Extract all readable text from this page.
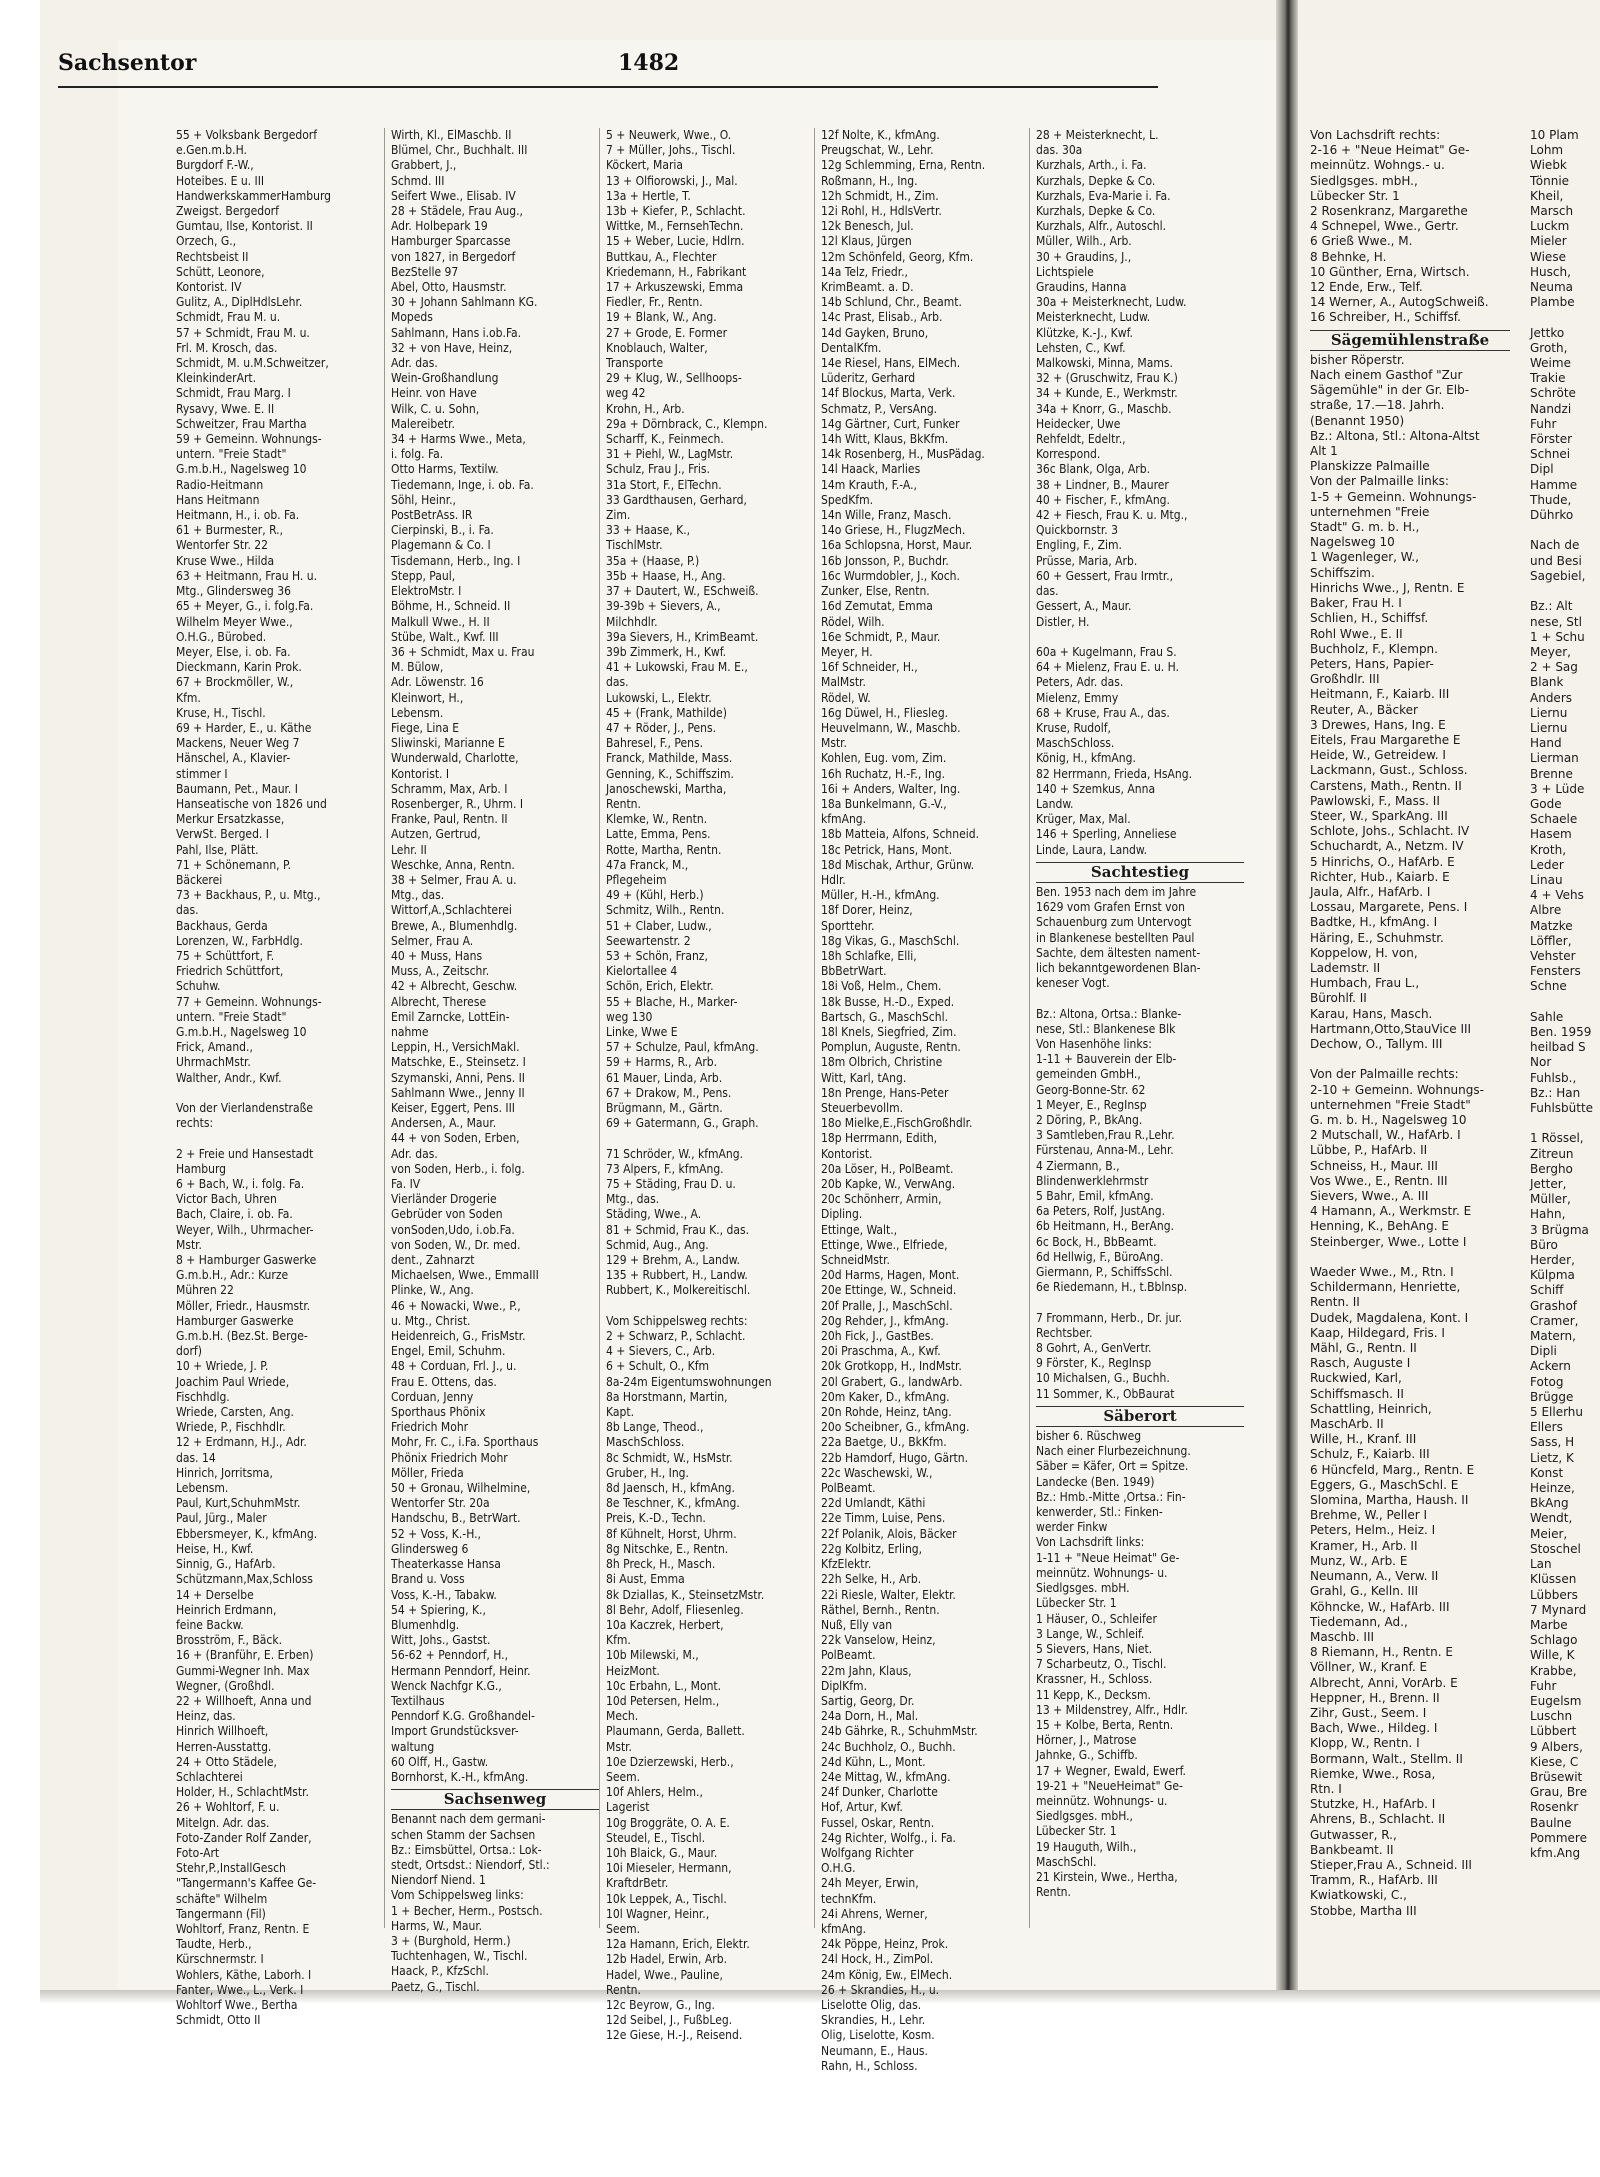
Sachsentor	1482
55 + Volksbank Bergedorf
e.Gen.m.b.H.
Burgdorf F.-W.,
Hoteibes. E u. III
HandwerkskammerHamburg
Zweigst. Bergedorf
Gumtau, Ilse, Kontorist. II
Orzech, G.,
Rechtsbeist II
Schütt, Leonore,
Kontorist. IV
Gulitz, A., DiplHdlsLehr.
Schmidt, Frau M. u.
57 + Schmidt, Frau M. u.
Frl. M. Krosch, das.
Schmidt, M. u.M.Schweitzer,
KleinkinderArt.
Schmidt, Frau Marg. I
Rysavy, Wwe. E. II
Schweitzer, Frau Martha
59 + Gemeinn. Wohnungs-
untern. "Freie Stadt"
G.m.b.H., Nagelsweg 10
Radio-Heitmann
Hans Heitmann
Heitmann, H., i. ob. Fa.
61 + Burmester, R.,
Wentorfer Str. 22
Kruse Wwe., Hilda
63 + Heitmann, Frau H. u.
Mtg., Glindersweg 36
65 + Meyer, G., i. folg.Fa.
Wilhelm Meyer Wwe.,
O.H.G., Bürobed.
Meyer, Else, i. ob. Fa.
Dieckmann, Karin Prok.
67 + Brockmöller, W.,
Kfm.
Kruse, H., Tischl.
69 + Harder, E., u. Käthe
Mackens, Neuer Weg 7
Hänschel, A., Klavier-
stimmer I
Baumann, Pet., Maur. I
Hanseatische von 1826 und
Merkur Ersatzkasse,
VerwSt. Berged. I
Pahl, Ilse, Plätt.
71 + Schönemann, P.
Bäckerei
73 + Backhaus, P., u. Mtg.,
das.
Backhaus, Gerda
Lorenzen, W., FarbHdlg.
75 + Schüttfort, F.
Friedrich Schüttfort,
Schuhw.
77 + Gemeinn. Wohnungs-
untern. "Freie Stadt"
G.m.b.H., Nagelsweg 10
Frick, Amand.,
UhrmachMstr.
Walther, Andr., Kwf.

Von der Vierlandenstraße
rechts:

2 + Freie und Hansestadt
Hamburg
6 + Bach, W., i. folg. Fa.
Victor Bach, Uhren
Bach, Claire, i. ob. Fa.
Weyer, Wilh., Uhrmacher-
Mstr.
8 + Hamburger Gaswerke
G.m.b.H., Adr.: Kurze
Mühren 22
Möller, Friedr., Hausmstr.
Hamburger Gaswerke
G.m.b.H. (Bez.St. Berge-
dorf)
10 + Wriede, J. P.
Joachim Paul Wriede,
Fischhdlg.
Wriede, Carsten, Ang.
Wriede, P., Fischhdlr.
12 + Erdmann, H.J., Adr.
das. 14
Hinrich, Jorritsma,
Lebensm.
Paul, Kurt,SchuhmMstr.
Paul, Jürg., Maler
Ebbersmeyer, K., kfmAng.
Heise, H., Kwf.
Sinnig, G., HafArb.
Schützmann,Max,Schloss
14 + Derselbe
Heinrich Erdmann,
feine Backw.
Brosström, F., Bäck.
16 + (Branführ, E. Erben)
Gummi-Wegner Inh. Max
Wegner, (Großhdl.
22 + Willhoeft, Anna und
Heinz, das.
Hinrich Willhoeft,
Herren-Ausstattg.
24 + Otto Städele,
Schlachterei
Holder, H., SchlachtMstr.
26 + Wohltorf, F. u.
Mitelgn. Adr. das.
Foto-Zander Rolf Zander,
Foto-Art
Stehr,P.,InstallGesch
"Tangermann's Kaffee Ge-
schäfte" Wilhelm
Tangermann (Fil)
Wohltorf, Franz, Rentn. E
Taudte, Herb.,
Kürschnermstr. I
Wohlers, Käthe, Laborh. I
Fanter, Wwe., L., Verk. I
Wohltorf Wwe., Bertha
Schmidt, Otto II
Wirth, Kl., ElMaschb. II
Blümel, Chr., Buchhalt. III
Grabbert, J.,
Schmd. III
Seifert Wwe., Elisab. IV
28 + Städele, Frau Aug.,
Adr. Holbepark 19
Hamburger Sparcasse
von 1827, in Bergedorf
BezStelle 97
Abel, Otto, Hausmstr.
30 + Johann Sahlmann KG.
Mopeds
Sahlmann, Hans i.ob.Fa.
32 + von Have, Heinz,
Adr. das.
Wein-Großhandlung
Heinr. von Have
Wilk, C. u. Sohn,
Malereibetr.
34 + Harms Wwe., Meta,
i. folg. Fa.
Otto Harms, Textilw.
Tiedemann, Inge, i. ob. Fa.
Söhl, Heinr.,
PostBetrAss. IR
Cierpinski, B., i. Fa.
Plagemann & Co. I
Tisdemann, Herb., Ing. I
Stepp, Paul,
ElektroMstr. I
Böhme, H., Schneid. II
Malkull Wwe., H. II
Stübe, Walt., Kwf. III
36 + Schmidt, Max u. Frau
M. Bülow,
Adr. Löwenstr. 16
Kleinwort, H.,
Lebensm.
Fiege, Lina E
Sliwinski, Marianne E
Wunderwald, Charlotte,
Kontorist. I
Schramm, Max, Arb. I
Rosenberger, R., Uhrm. I
Franke, Paul, Rentn. II
Autzen, Gertrud,
Lehr. II
Weschke, Anna, Rentn.
38 + Selmer, Frau A. u.
Mtg., das.
Wittorf,A.,Schlachterei
Brewe, A., Blumenhdlg.
Selmer, Frau A.
40 + Muss, Hans
Muss, A., Zeitschr.
42 + Albrecht, Geschw.
Albrecht, Therese
Emil Zarncke, LottEin-
nahme
Leppin, H., VersichMakl.
Matschke, E., Steinsetz. I
Szymanski, Anni, Pens. II
Sahlmann Wwe., Jenny II
Keiser, Eggert, Pens. III
Andersen, A., Maur.
44 + von Soden, Erben,
Adr. das.
von Soden, Herb., i. folg.
Fa. IV
Vierländer Drogerie
Gebrüder von Soden
vonSoden,Udo, i.ob.Fa.
von Soden, W., Dr. med.
dent., Zahnarzt
Michaelsen, Wwe., EmmaIII
Plinke, W., Ang.
46 + Nowacki, Wwe., P.,
u. Mtg., Christ.
Heidenreich, G., FrisMstr.
Engel, Emil, Schuhm.
48 + Corduan, Frl. J., u.
Frau E. Ottens, das.
Corduan, Jenny
Sporthaus Phönix
Friedrich Mohr
Mohr, Fr. C., i.Fa. Sporthaus
Phönix Friedrich Mohr
Möller, Frieda
50 + Gronau, Wilhelmine,
Wentorfer Str. 20a
Handschu, B., BetrWart.
52 + Voss, K.-H.,
Glindersweg 6
Theaterkasse Hansa
Brand u. Voss
Voss, K.-H., Tabakw.
54 + Spiering, K.,
Blumenhdlg.
Witt, Johs., Gastst.
56-62 + Penndorf, H.,
Hermann Penndorf, Heinr.
Wenck Nachfgr K.G.,
Textilhaus
Penndorf K.G. Großhandel-
Import Grundstücksver-
waltung
60 Olff, H., Gastw.
Bornhorst, K.-H., kfmAng.
Sachsenweg
Benannt nach dem germani-
schen Stamm der Sachsen
Bz.: Eimsbüttel, Ortsa.: Lok-
stedt, Ortsdst.: Niendorf, Stl.:
Niendorf Niend. 1
Vom Schippelsweg links:
1 + Becher, Herm., Postsch.
Harms, W., Maur.
3 + (Burghold, Herm.)
Tuchtenhagen, W., Tischl.
Haack, P., KfzSchl.
Paetz, G., Tischl.
5 + Neuwerk, Wwe., O.
7 + Müller, Johs., Tischl.
Köckert, Maria
13 + Olfiorowski, J., Mal.
13a + Hertle, T.
13b + Kiefer, P., Schlacht.
Wittke, M., FernsehTechn.
15 + Weber, Lucie, Hdlrn.
Buttkau, A., Flechter
Kriedemann, H., Fabrikant
17 + Arkuszewski, Emma
Fiedler, Fr., Rentn.
19 + Blank, W., Ang.
27 + Grode, E. Former
Knoblauch, Walter,
Transporte
29 + Klug, W., Sellhoops-
weg 42
Krohn, H., Arb.
29a + Dörnbrack, C., Klempn.
Scharff, K., Feinmech.
31 + Piehl, W., LagMstr.
Schulz, Frau J., Fris.
31a Stort, F., ElTechn.
33 Gardthausen, Gerhard,
Zim.
33 + Haase, K.,
TischlMstr.
35a + (Haase, P.)
35b + Haase, H., Ang.
37 + Dautert, W., ESchweiß.
39-39b + Sievers, A.,
Milchhdlr.
39a Sievers, H., KrimBeamt.
39b Zimmerk, H., Kwf.
41 + Lukowski, Frau M. E.,
das.
Lukowski, L., Elektr.
45 + (Frank, Mathilde)
47 + Röder, J., Pens.
Bahresel, F., Pens.
Franck, Mathilde, Mass.
Genning, K., Schiffszim.
Janoschewski, Martha,
Rentn.
Klemke, W., Rentn.
Latte, Emma, Pens.
Rotte, Martha, Rentn.
47a Franck, M.,
Pflegeheim
49 + (Kühl, Herb.)
Schmitz, Wilh., Rentn.
51 + Claber, Ludw.,
Seewartenstr. 2
53 + Schön, Franz,
Kielortallee 4
Schön, Erich, Elektr.
55 + Blache, H., Marker-
weg 130
Linke, Wwe E
57 + Schulze, Paul, kfmAng.
59 + Harms, R., Arb.
61 Mauer, Linda, Arb.
67 + Drakow, M., Pens.
Brügmann, M., Gärtn.
69 + Gatermann, G., Graph.

71 Schröder, W., kfmAng.
73 Alpers, F., kfmAng.
75 + Städing, Frau D. u.
Mtg., das.
Städing, Wwe., A.
81 + Schmid, Frau K., das.
Schmid, Aug., Ang.
129 + Brehm, A., Landw.
135 + Rubbert, H., Landw.
Rubbert, K., Molkereitischl.

Vom Schippelsweg rechts:
2 + Schwarz, P., Schlacht.
4 + Sievers, C., Arb.
6 + Schult, O., Kfm
8a-24m Eigentumswohnungen
8a Horstmann, Martin,
Kapt.
8b Lange, Theod.,
MaschSchloss.
8c Schmidt, W., HsMstr.
Gruber, H., Ing.
8d Jaensch, H., kfmAng.
8e Teschner, K., kfmAng.
Preis, K.-D., Techn.
8f Kühnelt, Horst, Uhrm.
8g Nitschke, E., Rentn.
8h Preck, H., Masch.
8i Aust, Emma
8k Dziallas, K., SteinsetzMstr.
8l Behr, Adolf, Fliesenleg.
10a Kaczrek, Herbert,
Kfm.
10b Milewski, M.,
HeizMont.
10c Erbahn, L., Mont.
10d Petersen, Helm.,
Mech.
Plaumann, Gerda, Ballett.
Mstr.
10e Dzierzewski, Herb.,
Seem.
10f Ahlers, Helm.,
Lagerist
10g Broggräte, O. A. E.
Steudel, E., Tischl.
10h Blaick, G., Maur.
10i Mieseler, Hermann,
KraftdrBetr.
10k Leppek, A., Tischl.
10l Wagner, Heinr.,
Seem.
12a Hamann, Erich, Elektr.
12b Hadel, Erwin, Arb.
Hadel, Wwe., Pauline,
Rentn.
12c Beyrow, G., Ing.
12d Seibel, J., FußbLeg.
12e Giese, H.-J., Reisend.
12f Nolte, K., kfmAng.
Preugschat, W., Lehr.
12g Schlemming, Erna, Rentn.
Roßmann, H., Ing.
12h Schmidt, H., Zim.
12i Rohl, H., HdlsVertr.
12k Benesch, Jul.
12l Klaus, Jürgen
12m Schönfeld, Georg, Kfm.
14a Telz, Friedr.,
KrimBeamt. a. D.
14b Schlund, Chr., Beamt.
14c Prast, Elisab., Arb.
14d Gayken, Bruno,
DentalKfm.
14e Riesel, Hans, ElMech.
Lüderitz, Gerhard
14f Blockus, Marta, Verk.
Schmatz, P., VersAng.
14g Gärtner, Curt, Funker
14h Witt, Klaus, BkKfm.
14k Rosenberg, H., MusPädag.
14l Haack, Marlies
14m Krauth, F.-A.,
SpedKfm.
14n Wille, Franz, Masch.
14o Griese, H., FlugzMech.
16a Schlopsna, Horst, Maur.
16b Jonsson, P., Buchdr.
16c Wurmdobler, J., Koch.
Zunker, Else, Rentn.
16d Zemutat, Emma
Rödel, Wilh.
16e Schmidt, P., Maur.
Meyer, H.
16f Schneider, H.,
MalMstr.
Rödel, W.
16g Düwel, H., Fliesleg.
Heuvelmann, W., Maschb.
Mstr.
Kohlen, Eug. vom, Zim.
16h Ruchatz, H.-F., Ing.
16i + Anders, Walter, Ing.
18a Bunkelmann, G.-V.,
kfmAng.
18b Matteia, Alfons, Schneid.
18c Petrick, Hans, Mont.
18d Mischak, Arthur, Grünw.
Hdlr.
Müller, H.-H., kfmAng.
18f Dorer, Heinz,
Sporttehr.
18g Vikas, G., MaschSchl.
18h Schlafke, Elli,
BbBetrWart.
18i Voß, Helm., Chem.
18k Busse, H.-D., Exped.
Bartsch, G., MaschSchl.
18l Knels, Siegfried, Zim.
Pomplun, Auguste, Rentn.
18m Olbrich, Christine
Witt, Karl, tAng.
18n Prenge, Hans-Peter
Steuerbevollm.
18o Mielke,E.,FischGroßhdlr.
18p Herrmann, Edith,
Kontorist.
20a Löser, H., PolBeamt.
20b Kapke, W., VerwAng.
20c Schönherr, Armin,
Dipling.
Ettinge, Walt.,
Ettinge, Wwe., Elfriede,
SchneidMstr.
20d Harms, Hagen, Mont.
20e Ettinge, W., Schneid.
20f Pralle, J., MaschSchl.
20g Rehder, J., kfmAng.
20h Fick, J., GastBes.
20i Praschma, A., Kwf.
20k Grotkopp, H., IndMstr.
20l Grabert, G., landwArb.
20m Kaker, D., kfmAng.
20n Rohde, Heinz, tAng.
20o Scheibner, G., kfmAng.
22a Baetge, U., BkKfm.
22b Hamdorf, Hugo, Gärtn.
22c Waschewski, W.,
PolBeamt.
22d Umlandt, Käthi
22e Timm, Luise, Pens.
22f Polanik, Alois, Bäcker
22g Kolbitz, Erling,
KfzElektr.
22h Selke, H., Arb.
22i Riesle, Walter, Elektr.
Räthel, Bernh., Rentn.
Nuß, Elly van
22k Vanselow, Heinz,
PolBeamt.
22m Jahn, Klaus,
DiplKfm.
Sartig, Georg, Dr.
24a Dorn, H., Mal.
24b Gährke, R., SchuhmMstr.
24c Buchholz, O., Buchh.
24d Kühn, L., Mont.
24e Mittag, W., kfmAng.
24f Dunker, Charlotte
Hof, Artur, Kwf.
Fussel, Oskar, Rentn.
24g Richter, Wolfg., i. Fa.
Wolfgang Richter
O.H.G.
24h Meyer, Erwin,
technKfm.
24i Ahrens, Werner,
kfmAng.
24k Pöppe, Heinz, Prok.
24l Hock, H., ZimPol.
24m König, Ew., ElMech.
26 + Skrandies, H., u.
Liselotte Olig, das.
Skrandies, H., Lehr.
Olig, Liselotte, Kosm.
Neumann, E., Haus.
Rahn, H., Schloss.
28 + Meisterknecht, L.
das. 30a
Kurzhals, Arth., i. Fa.
Kurzhals, Depke & Co.
Kurzhals, Eva-Marie i. Fa.
Kurzhals, Depke & Co.
Kurzhals, Alfr., Autoschl.
Müller, Wilh., Arb.
30 + Graudins, J.,
Lichtspiele
Graudins, Hanna
30a + Meisterknecht, Ludw.
Meisterknecht, Ludw.
Klützke, K.-J., Kwf.
Lehsten, C., Kwf.
Malkowski, Minna, Mams.
32 + (Gruschwitz, Frau K.)
34 + Kunde, E., Werkmstr.
34a + Knorr, G., Maschb.
Heidecker, Uwe
Rehfeldt, Edeltr.,
Korrespond.
36c Blank, Olga, Arb.
38 + Lindner, B., Maurer
40 + Fischer, F., kfmAng.
42 + Fiesch, Frau K. u. Mtg.,
Quickbornstr. 3
Engling, F., Zim.
Prüsse, Maria, Arb.
60 + Gessert, Frau Irmtr.,
das.
Gessert, A., Maur.
Distler, H.

60a + Kugelmann, Frau S.
64 + Mielenz, Frau E. u. H.
Peters, Adr. das.
Mielenz, Emmy
68 + Kruse, Frau A., das.
Kruse, Rudolf,
MaschSchloss.
König, H., kfmAng.
82 Herrmann, Frieda, HsAng.
140 + Szemkus, Anna
Landw.
Krüger, Max, Mal.
146 + Sperling, Anneliese
Linde, Laura, Landw.
Sachtestieg
Ben. 1953 nach dem im Jahre
1629 vom Grafen Ernst von
Schauenburg zum Untervogt
in Blankenese bestellten Paul
Sachte, dem ältesten nament-
lich bekanntgewordenen Blan-
keneser Vogt.

Bz.: Altona, Ortsa.: Blanke-
nese, Stl.: Blankenese Blk
Von Hasenhöhe links:
1-11 + Bauverein der Elb-
gemeinden GmbH.,
Georg-Bonne-Str. 62
1 Meyer, E., RegInsp
2 Döring, P., BkAng.
3 Samtleben,Frau R.,Lehr.
Fürstenau, Anna-M., Lehr.
4 Ziermann, B.,
Blindenwerklehrmstr
5 Bahr, Emil, kfmAng.
6a Peters, Rolf, JustAng.
6b Heitmann, H., BerAng.
6c Bock, H., BbBeamt.
6d Hellwig, F., BüroAng.
Giermann, P., SchiffsSchl.
6e Riedemann, H., t.Bblnsp.

7 Frommann, Herb., Dr. jur.
Rechtsber.
8 Gohrt, A., GenVertr.
9 Förster, K., RegInsp
10 Michalsen, G., Buchh.
11 Sommer, K., ObBaurat
Säberort
bisher 6. Rüschweg
Nach einer Flurbezeichnung.
Säber = Käfer, Ort = Spitze.
Landecke (Ben. 1949)
Bz.: Hmb.-Mitte ,Ortsa.: Fin-
kenwerder, Stl.: Finken-
werder Finkw
Von Lachsdrift links:
1-11 + "Neue Heimat" Ge-
meinnütz. Wohnungs- u.
Siedlgsges. mbH.
Lübecker Str. 1
1 Häuser, O., Schleifer
3 Lange, W., Schleif.
5 Sievers, Hans, Niet.
7 Scharbeutz, O., Tischl.
Krassner, H., Schloss.
11 Kepp, K., Decksm.
13 + Mildenstrey, Alfr., Hdlr.
15 + Kolbe, Berta, Rentn.
Hörner, J., Matrose
Jahnke, G., Schiffb.
17 + Wegner, Ewald, Ewerf.
19-21 + "NeueHeimat" Ge-
meinnütz. Wohnungs- u.
Siedlgsges. mbH.,
Lübecker Str. 1
19 Hauguth, Wilh.,
MaschSchl.
21 Kirstein, Wwe., Hertha,
Rentn.
Von Lachsdrift rechts:
2-16 + "Neue Heimat" Ge-
meinnütz. Wohngs.- u.
Siedlgsges. mbH.,
Lübecker Str. 1
2 Rosenkranz, Margarethe
4 Schnepel, Wwe., Gertr.
6 Grieß Wwe., M.
8 Behnke, H.
10 Günther, Erna, Wirtsch.
12 Ende, Erw., Telf.
14 Werner, A., AutogSchweiß.
16 Schreiber, H., Schiffsf.
Sägemühlenstraße
bisher Röperstr.
Nach einem Gasthof "Zur
Sägemühle" in der Gr. Elb-
straße, 17.—18. Jahrh.
(Benannt 1950)
Bz.: Altona, Stl.: Altona-Altst
Alt 1
Planskizze Palmaille
Von der Palmaille links:
1-5 + Gemeinn. Wohnungs-
unternehmen "Freie
Stadt" G. m. b. H.,
Nagelsweg 10
1 Wagenleger, W.,
Schiffszim.
Hinrichs Wwe., J, Rentn. E
Baker, Frau H. I
Schlien, H., Schiffsf.
Rohl Wwe., E. II
Buchholz, F., Klempn.
Peters, Hans, Papier-
Großhdlr. III
Heitmann, F., Kaiarb. III
Reuter, A., Bäcker
3 Drewes, Hans, Ing. E
Eitels, Frau Margarethe E
Heide, W., Getreidew. I
Lackmann, Gust., Schloss.
Carstens, Math., Rentn. II
Pawlowski, F., Mass. II
Steer, W., SparkAng. III
Schlote, Johs., Schlacht. IV
Schuchardt, A., Netzm. IV
5 Hinrichs, O., HafArb. E
Richter, Hub., Kaiarb. E
Jaula, Alfr., HafArb. I
Lossau, Margarete, Pens. I
Badtke, H., kfmAng. I
Häring, E., Schuhmstr.
Koppelow, H. von,
Lademstr. II
Humbach, Frau L.,
Bürohlf. II
Karau, Hans, Masch.
Hartmann,Otto,StauVice III
Dechow, O., Tallym. III

Von der Palmaille rechts:
2-10 + Gemeinn. Wohnungs-
unternehmen "Freie Stadt"
G. m. b. H., Nagelsweg 10
2 Mutschall, W., HafArb. I
Lübbe, P., HafArb. II
Schneiss, H., Maur. III
Vos Wwe., E., Rentn. III
Sievers, Wwe., A. III
4 Hamann, A., Werkmstr. E
Henning, K., BehAng. E
Steinberger, Wwe., Lotte I

Waeder Wwe., M., Rtn. I
Schildermann, Henriette,
Rentn. II
Dudek, Magdalena, Kont. I
Kaap, Hildegard, Fris. I
Mähl, G., Rentn. II
Rasch, Auguste I
Ruckwied, Karl,
Schiffsmasch. II
Schattling, Heinrich,
MaschArb. II
Wille, H., Kranf. III
Schulz, F., Kaiarb. III
6 Hüncfeld, Marg., Rentn. E
Eggers, G., MaschSchl. E
Slomina, Martha, Haush. II
Brehme, W., Peller I
Peters, Helm., Heiz. I
Kramer, H., Arb. II
Munz, W., Arb. E
Neumann, A., Verw. II
Grahl, G., Kelln. III
Köhncke, W., HafArb. III
Tiedemann, Ad.,
Maschb. III
8 Riemann, H., Rentn. E
Völlner, W., Kranf. E
Albrecht, Anni, VorArb. E
Heppner, H., Brenn. II
Zihr, Gust., Seem. I
Bach, Wwe., Hildeg. I
Klopp, W., Rentn. I
Bormann, Walt., Stellm. II
Riemke, Wwe., Rosa,
Rtn. I
Stutzke, H., HafArb. I
Ahrens, B., Schlacht. II
Gutwasser, R.,
Bankbeamt. II
Stieper,Frau A., Schneid. III
Tramm, R., HafArb. III
Kwiatkowski, C.,
Stobbe, Martha III
10 Plam
Lohm
Wiebk
Tönnie
Kheil,
Marsch
Luckm
Mieler
Wiese
Husch,
Neuma
Plambe

Jettko
Groth,
Weime
Trakie
Schröte
Nandzi
Fuhr
Förster
Schnei
Dipl
Hamme
Thude,
Dührko

Nach de
und Besi
Sagebiel,

Bz.: Alt
nese, Stl
1 + Schu
Meyer,
2 + Sag
Blank
Anders
Liernu
Liernu
Hand
Lierman
Brenne
3 + Lüde
Gode
Schaele
Hasem
Kroth,
Leder
Linau
4 + Vehs
Albre
Matzke
Löffler,
Vehster
Fensters
Schne

Sahle
Ben. 1959
heilbad S
Nor
Fuhlsb.,
Bz.: Han
Fuhlsbütte

1 Rössel,
Zitreun
Bergho
Jetter,
Müller,
Hahn,
3 Brügma
Büro
Herder,
Külpma
Schiff
Grashof
Cramer,
Matern,
Dipli
Ackern
Fotog
Brügge
5 Ellerhu
Ellers
Sass, H
Lietz, K
Konst
Heinze,
BkAng
Wendt,
Meier,
Stoschel
Lan
Klüssen
Lübbers
7 Mynard
Marbe
Schlago
Wille, K
Krabbe,
Fuhr
Eugelsm
Luschn
Lübbert
9 Albers,
Kiese, C
Brüsewit
Grau, Bre
Rosenkr
Baulne
Pommere
kfm.Ang
